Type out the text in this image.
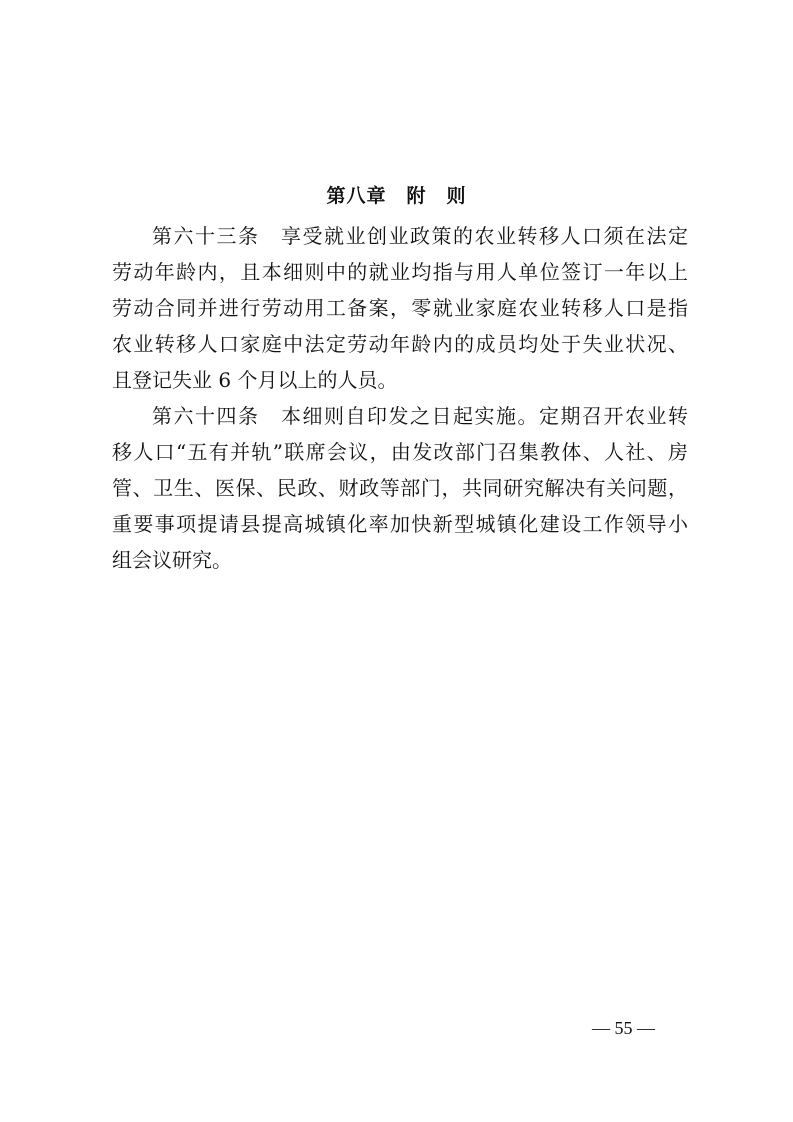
第八章　附　则
第六十三条　享受就业创业政策的农业转移人口须在法定
劳动年龄内，且本细则中的就业均指与用人单位签订一年以上
劳动合同并进行劳动用工备案，零就业家庭农业转移人口是指
农业转移人口家庭中法定劳动年龄内的成员均处于失业状况、
且登记失业 6 个月以上的人员。
第六十四条　本细则自印发之日起实施。定期召开农业转
移人口“五有并轨”联席会议，由发改部门召集教体、人社、房
管、卫生、医保、民政、财政等部门，共同研究解决有关问题，
重要事项提请县提高城镇化率加快新型城镇化建设工作领导小
组会议研究。
— 55 —
